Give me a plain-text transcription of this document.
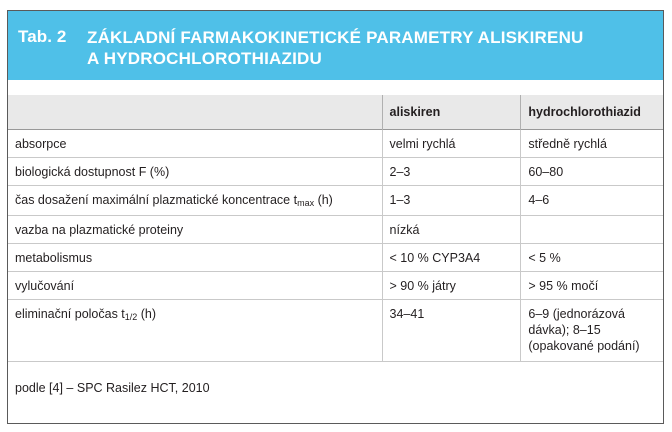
Tab. 2 ZÁKLADNÍ FARMAKOKINETICKÉ PARAMETRY ALISKIRENU
A HYDROCHLOROTHIAZIDU
	aliskiren	hydrochlorothiazid
absorpce	velmi rychlá	středně rychlá
biologická dostupnost F (%)	2–3	60–80
čas dosažení maximální plazmatické koncentrace $t_{max}$ (h)	1–3	4–6
vazba na plazmatické proteiny	nízká	
metabolismus	< 10 % CYP3A4	< 5 %
vylučování	> 90 % játry	> 95 % močí
eliminační poločas $t_{1/2}$ (h)	34–41	6–9 (jednorázová dávka); 8–15 (opakované podání)
podle [4] – SPC Rasilez HCT, 2010
